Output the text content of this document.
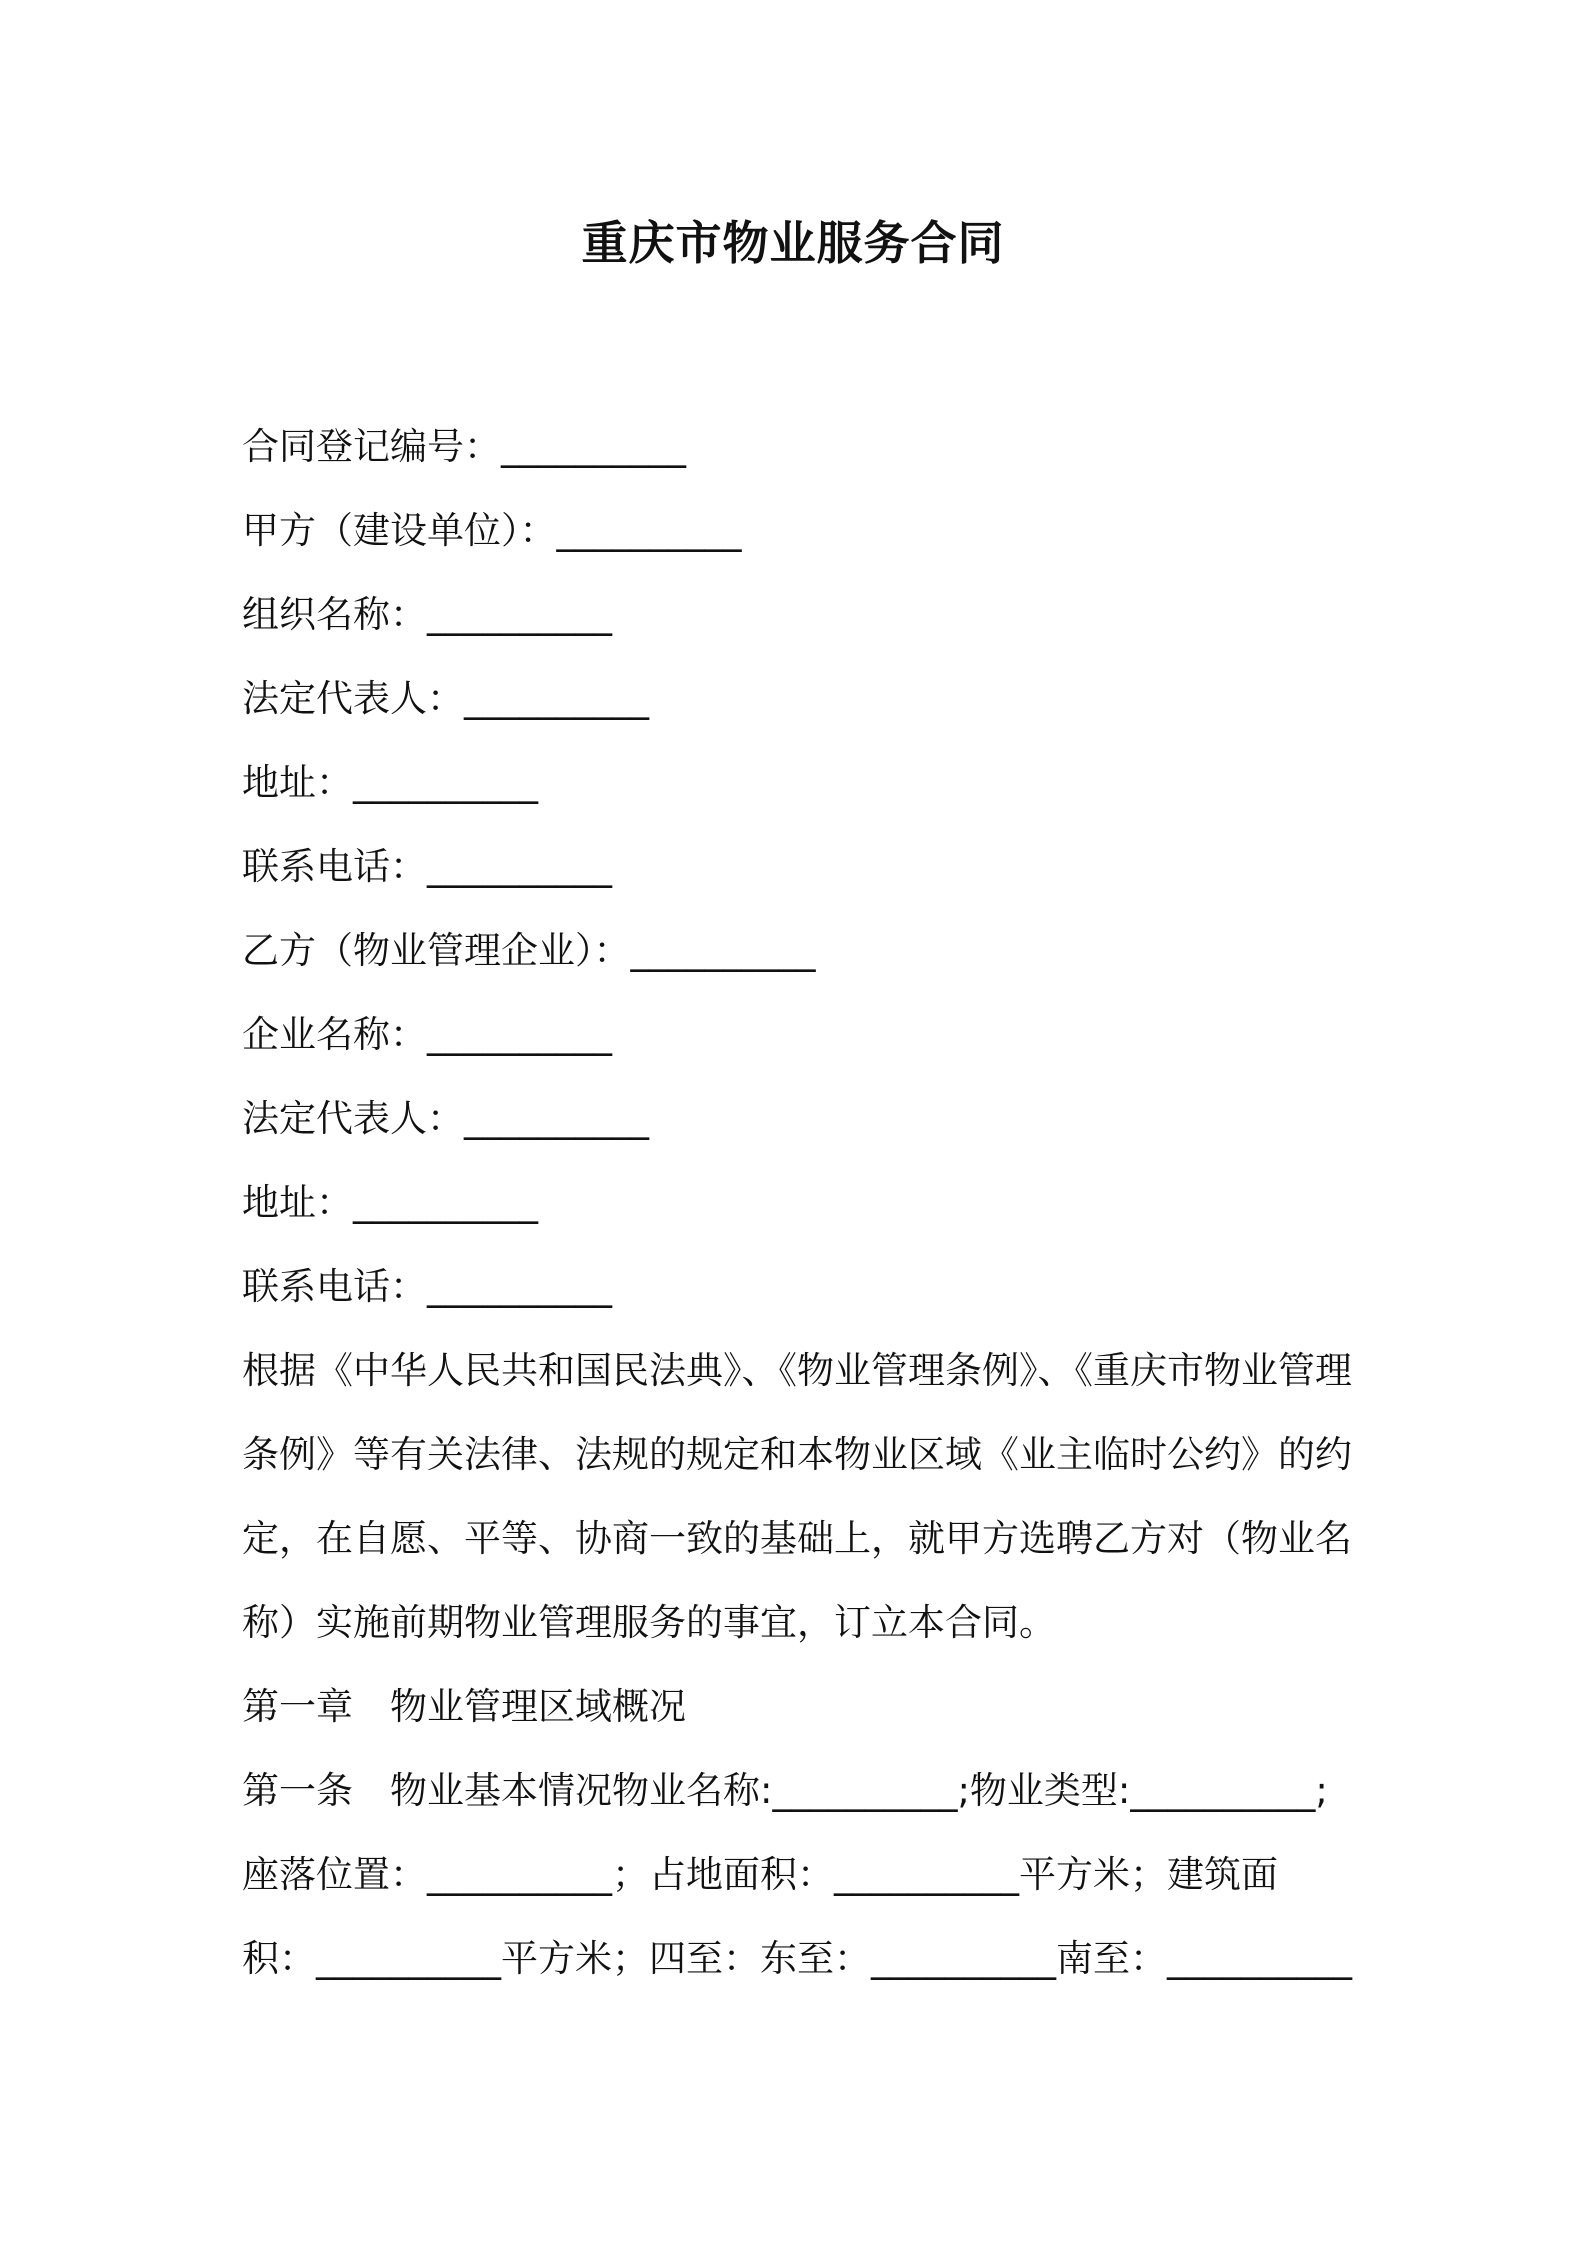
重庆市物业服务合同
合同登记编号：__________
甲方（建设单位）：__________
组织名称：__________
法定代表人：__________
地址：__________
联系电话：__________
乙方（物业管理企业）：__________
企业名称：__________
法定代表人：__________
地址：__________
联系电话：__________
根据《中华人民共和国民法典》、《物业管理条例》、《重庆市物业管理
条例》等有关法律、法规的规定和本物业区域《业主临时公约》的约
定，在自愿、平等、协商一致的基础上，就甲方选聘乙方对（物业名
称）实施前期物业管理服务的事宜，订立本合同。
第一章　物业管理区域概况
第一条　物业基本情况物业名称:__________;物业类型:__________;
座落位置：__________；占地面积：__________平方米；建筑面
积：__________平方米；四至：东至：__________南至：__________
